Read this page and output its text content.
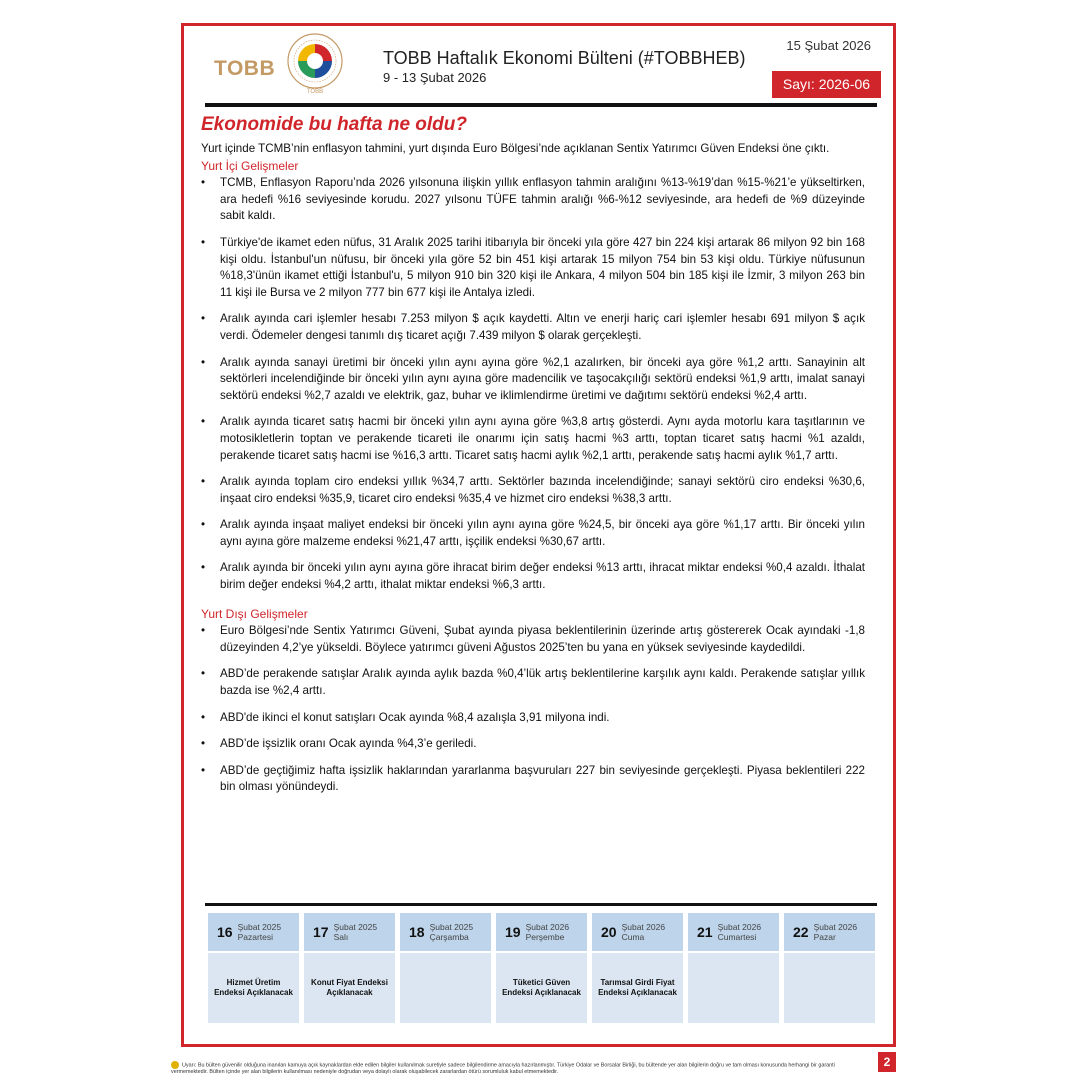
TOBB
TOBB
TOBB Haftalık Ekonomi Bülteni (#TOBBHEB)
9 - 13 Şubat 2026
15 Şubat 2026
Sayı: 2026-06
Ekonomide bu hafta ne oldu?

Yurt içinde TCMB’nin enflasyon tahmini, yurt dışında Euro Bölgesi’nde açıklanan Sentix Yatırımcı Güven Endeksi öne çıktı.

Yurt İçi Gelişmeler

• TCMB, Enflasyon Raporu’nda 2026 yılsonuna ilişkin yıllık enflasyon tahmin aralığını %13-%19’dan %15-%21’e yükseltirken, ara hedefi %16 seviyesinde korudu. 2027 yılsonu TÜFE tahmin aralığı %6-%12 seviyesinde, ara hedefi de %9 düzeyinde sabit kaldı.
• Türkiye'de ikamet eden nüfus, 31 Aralık 2025 tarihi itibarıyla bir önceki yıla göre 427 bin 224 kişi artarak 86 milyon 92 bin 168 kişi oldu. İstanbul'un nüfusu, bir önceki yıla göre 52 bin 451 kişi artarak 15 milyon 754 bin 53 kişi oldu. Türkiye nüfusunun %18,3'ünün ikamet ettiği İstanbul'u, 5 milyon 910 bin 320 kişi ile Ankara, 4 milyon 504 bin 185 kişi ile İzmir, 3 milyon 263 bin 11 kişi ile Bursa ve 2 milyon 777 bin 677 kişi ile Antalya izledi.
• Aralık ayında cari işlemler hesabı 7.253 milyon $ açık kaydetti. Altın ve enerji hariç cari işlemler hesabı 691 milyon $ açık verdi. Ödemeler dengesi tanımlı dış ticaret açığı 7.439 milyon $ olarak gerçekleşti.
• Aralık ayında sanayi üretimi bir önceki yılın aynı ayına göre %2,1 azalırken, bir önceki aya göre %1,2 arttı. Sanayinin alt sektörleri incelendiğinde bir önceki yılın aynı ayına göre madencilik ve taşocakçılığı sektörü endeksi %1,9 arttı, imalat sanayi sektörü endeksi %2,7 azaldı ve elektrik, gaz, buhar ve iklimlendirme üretimi ve dağıtımı sektörü endeksi %2,4 arttı.
• Aralık ayında ticaret satış hacmi bir önceki yılın aynı ayına göre %3,8 artış gösterdi. Aynı ayda motorlu kara taşıtlarının ve motosikletlerin toptan ve perakende ticareti ile onarımı için satış hacmi %3 arttı, toptan ticaret satış hacmi %1 azaldı, perakende ticaret satış hacmi ise %16,3 arttı. Ticaret satış hacmi aylık %2,1 arttı, perakende satış hacmi aylık %1,7 arttı.
• Aralık ayında toplam ciro endeksi yıllık %34,7 arttı. Sektörler bazında incelendiğinde; sanayi sektörü ciro endeksi %30,6, inşaat ciro endeksi %35,9, ticaret ciro endeksi %35,4 ve hizmet ciro endeksi %38,3 arttı.
• Aralık ayında inşaat maliyet endeksi bir önceki yılın aynı ayına göre %24,5, bir önceki aya göre %1,17 arttı. Bir önceki yılın aynı ayına göre malzeme endeksi %21,47 arttı, işçilik endeksi %30,67 arttı.
• Aralık ayında bir önceki yılın aynı ayına göre ihracat birim değer endeksi %13 arttı, ihracat miktar endeksi %0,4 azaldı. İthalat birim değer endeksi %4,2 arttı, ithalat miktar endeksi %6,3 arttı.

Yurt Dışı Gelişmeler

• Euro Bölgesi’nde Sentix Yatırımcı Güveni, Şubat ayında piyasa beklentilerinin üzerinde artış göstererek Ocak ayındaki -1,8 düzeyinden 4,2’ye yükseldi. Böylece yatırımcı güveni Ağustos 2025’ten bu yana en yüksek seviyesinde kaydedildi.
• ABD’de perakende satışlar Aralık ayında aylık bazda %0,4’lük artış beklentilerine karşılık aynı kaldı. Perakende satışlar yıllık bazda ise %2,4 arttı.
• ABD'de ikinci el konut satışları Ocak ayında %8,4 azalışla 3,91 milyona indi.
• ABD’de işsizlik oranı Ocak ayında %4,3’e geriledi.
• ABD’de geçtiğimiz hafta işsizlik haklarından yararlanma başvuruları 227 bin seviyesinde gerçekleşti. Piyasa beklentileri 222 bin olması yönündeydi.
16 Şubat 2025
Pazartesi
Hizmet Üretim Endeksi Açıklanacak
17 Şubat 2025
Salı
Konut Fiyat Endeksi Açıklanacak
18 Şubat 2025
Çarşamba	19 Şubat 2026
Perşembe
Tüketici Güven Endeksi Açıklanacak
20 Şubat 2026
Cuma
Tarımsal Girdi Fiyat Endeksi Açıklanacak
21 Şubat 2026
Cumartesi	22 Şubat 2026
Pazar
Uyarı: Bu bülten güvenilir olduğuna inanılan kamuya açık kaynaklardan elde edilen bilgiler kullanılmak suretiyle sadece bilgilendirme amacıyla hazırlanmıştır. Türkiye Odalar ve Borsalar Birliği, bu bültende yer alan bilgilerin doğru ve tam olması konusunda herhangi bir garanti vermemektedir. Bülten içinde yer alan bilgilerin kullanılması nedeniyle doğrudan veya dolaylı olarak oluşabilecek zararlardan ötürü sorumluluk kabul etmemektedir.
2
